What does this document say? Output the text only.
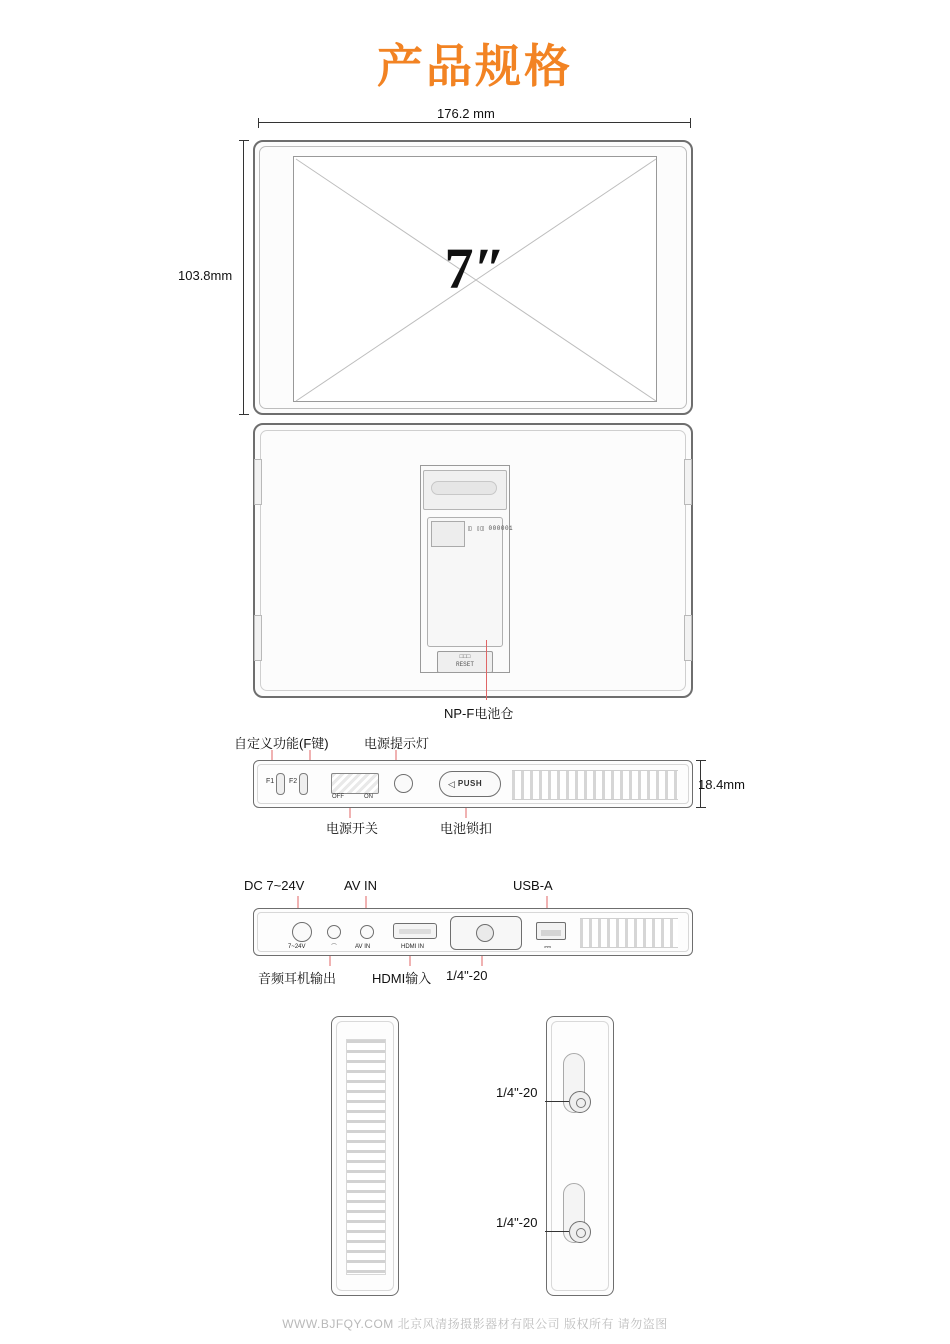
产品规格
176.2 mm
103.8mm	7″
◫ ▯◫ 000001
□□□
RESET
NP-F电池仓
自定义功能(F键)	电源提示灯
F1 F2
OFF	ON
◁ PUSH
电源开关	电池锁扣
18.4mm
DC 7~24V	AV IN	USB-A
7~24V	⌒	AV IN	HDMI IN	⎓
音频耳机输出	HDMI输入 1/4"-20
1/4"-20
1/4"-20
WWW.BJFQY.COM 北京风清扬摄影器材有限公司 版权所有 请勿盗图
